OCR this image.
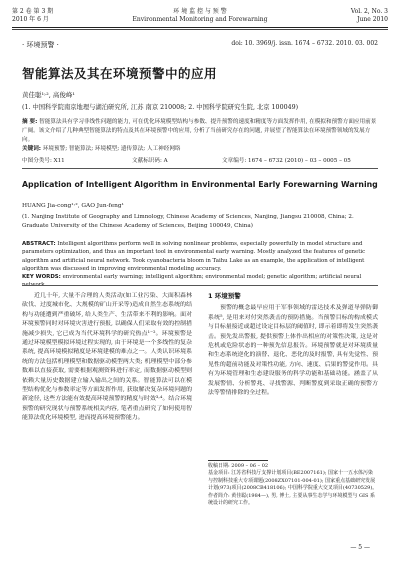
第 2 卷 第 3 期
2010 年 6 月
环 境 监 控 与 预 警
Environmental Monitoring and Forewarning
Vol. 2, No. 3
June 2010
· 环境预警 ·	doi: 10. 3969/j. issn. 1674 – 6732. 2010. 03. 002
智能算法及其在环境预警中的应用
黄佳聪¹˒², 高俊峰¹
(1. 中国科学院南京地理与湖泊研究所, 江苏 南京 210008; 2. 中国科学院研究生院, 北京 100049)
摘 要: 智能算法具有学习非线性问题的能力, 可在优化环境模型结构与参数、提升预警的速度和精度等方面发挥作用, 在模拟和预警方面应用前景广阔。该文介绍了几种典型智能算法的特点及其在环境预警中的应用, 分析了当前研究存在的问题, 并展望了智能算法在环境预警领域的发展方向。
关键词: 环境预警; 智能算法; 环境模型; 遗传算法; 人工神经网络
中图分类号: X11	文献标识码: A	文章编号: 1674 – 6732 (2010) – 03 – 0005 – 05
Application of Intelligent Algorithm in Environmental Early Forewarning Warning
HUANG Jia-cong¹˒², GAO Jun-feng¹
(1. Nanjing Institute of Geography and Limnology, Chinese Academy of Sciences, Nanjing, Jiangsu 210008, China; 2. Graduate University of the Chinese Academy of Sciences, Beijing 100049, China)
ABSTRACT: Intelligent algorithms perform well in solving nonlinear problems, especially powerfully in model structure and parameters optimization, and thus an important tool in environmental early warning. Mostly analyzed the features of genetic algorithm and artificial neural network. Took cyanobacteria bloom in Taihu Lake as an example, the application of intelligent algorithm was discussed in improving environmental modeling accuracy.
KEY WORDS: environmental early warning; intelligent algorithm; environmental model; genetic algorithm; artificial neural network

近几十年, 大量不合理的人类活动(如工业污染、大面积森林砍伐、过度城市化、大规模的矿山开采等)造成自然生态系统的结构与功能遭到严重破坏, 给人类生产、生活带来不利的影响。面对环境预警同时对环境灾害进行预报, 以确保人们采取有效的控制措施减少损失, 它已成为当代环境科学的研究热点¹⁻²。环境预警是通过环境模型模拟环境过程实现的, 由于环境是一个多线性的复杂系统, 提高环境模拟精度是环境建模的难点之一。人类认识环境系统的方法包括机理模型和数据驱动模型两大类; 机理模型中部分参数难以直接获取, 需要根据观测资料进行率定, 而数据驱动模型则依赖大量历史数据建立输入输出之间的关系。智能算法可以在模型结构优化与参数率定等方面发挥作用, 获取解决复杂环境问题的新途径, 这些方法能有效提高环境预警的精度与时效³˒⁴。结合环境预警的研究现状与预警系统相关内容, 笔者重点研究了如何使用智能算法优化环境模型, 进而提高环境预警能力。

1 环境预警

预警的概念最早应用于军事领域的雷达技术及弹道导弹防御系统⁵, 是用来对付突然袭击的预防措施。当预警目标的构成模式与目标量接近或超过设定目标层的阈值时, 即示着即将发生突然袭击。预先发出警报, 提供预警上体作出相应的对策性决策, 这是对危机或危险状态的一种预先信息报告。环境预警就是对环境质量和生态系统逆化的演替、退化、恶化的及时报警, 具有先觉性、预见性的超前功能及对策性功能, 方向、速度、后果的警觉作用。具有为环境管理和生态建设服务的科学功能和基础功能。涵盖了从发展警情、分析警兆、寻找警源、判断警度到采取正确的预警方法等警情排除的全过程。

收稿日期: 2009 – 06 – 02
基金项目: 江苏省科技厅支撑计划项目(BE2007161); 国家十一五水体污染与控制科技重大专项课题(2008ZX07101-004-01); 国家重点基础研究发展计划(973)项目(2008CB418106); 中国科学院重大交叉项目(40730529)。
作者简介: 黄佳聪(1984—), 男, 博士, 主要从事生态学与环境模型与 GIS 系统设计的研究工作。
— 5 —
